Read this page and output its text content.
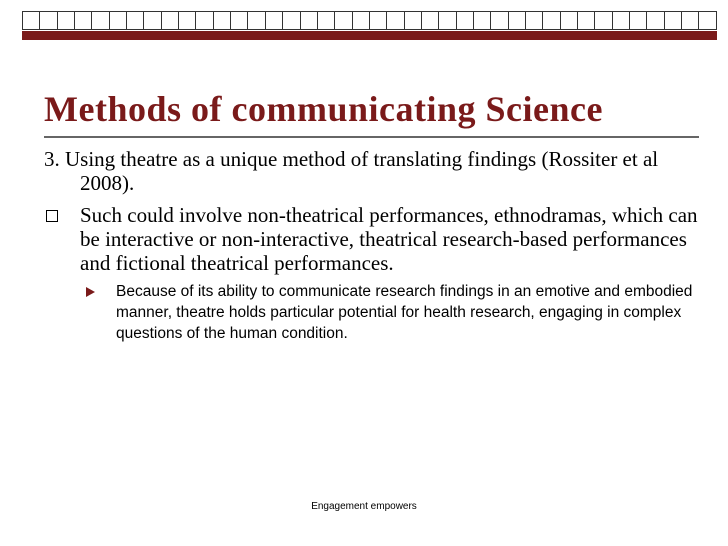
Methods of communicating Science
3. Using theatre as a unique method of translating findings (Rossiter et al 2008).
Such could involve non-theatrical performances, ethnodramas, which can be interactive or non-interactive, theatrical research-based performances and fictional theatrical performances.
Because of its ability to communicate research findings in an emotive and embodied manner, theatre holds particular potential for health research, engaging in complex questions of the human condition.
Engagement empowers
